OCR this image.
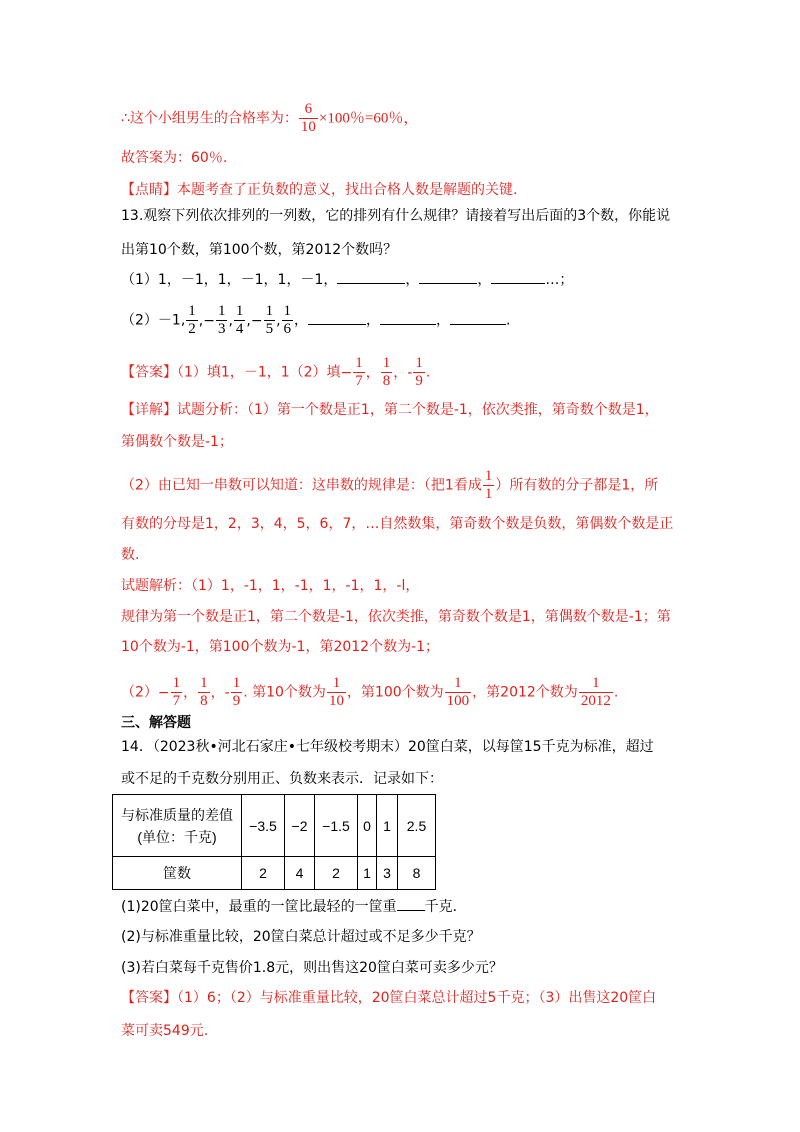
∴这个小组男生的合格率为： $\frac{6}{10} \times 100$％=60％，
故答案为：60％.
【点睛】本题考查了正负数的意义，找出合格人数是解题的关键.
13.观察下列依次排列的一列数，它的排列有什么规律？请接着写出后面的3个数，你能说
出第10个数，第100个数，第2012个数吗？
（1）1，－1，1，－1，1，－1，	，	，	…；
（2）－1, $\frac{1}{2}$ ,− $\frac{1}{3}$ , $\frac{1}{4}$ ,− $\frac{1}{5}$ , $\frac{1}{6}$ ，	，	，	.
【答案】（1）填1，－1，1（2）填− $\frac{1}{7}$ ， $\frac{1}{8}$ ，- $\frac{1}{9}$ .
【详解】试题分析：（1）第一个数是正1，第二个数是-1，依次类推，第奇数个数是1，
第偶数个数是-1；
（2）由已知一串数可以知道：这串数的规律是：（把1看成 $\frac{1}{1}$ ）所有数的分子都是1，所
有数的分母是1，2，3，4，5，6，7，…自然数集，第奇数个数是负数，第偶数个数是正
数.
试题解析：（1）1，-1，1，-1，1，-1，1，-l，
规律为第一个数是正1，第二个数是-1，依次类推，第奇数个数是1，第偶数个数是-1；第
10个数为-1，第100个数为-1，第2012个数为-1；
$(2)- \frac{1}{7}$ ， $\frac{1}{8}$ ，- $\frac{1}{9}$ . 第10个数为 $\frac{1}{10}$ ，第100个数为 $\frac{1}{100}$ ，第2012个数为 $\frac{1}{2012}$ .
三、解答题
14．（2023秋•河北石家庄•七年级校考期末）20筐白菜，以每筐15千克为标准，超过
或不足的千克数分别用正、负数来表示．记录如下：
与标准质量的差值
(单位：千克)	−3.5	−2	−1.5	0	1	2.5
筐数	2	4	2	1	3	8
(1)20筐白菜中，最重的一筐比最轻的一筐重 千克．
(2)与标准重量比较，20筐白菜总计超过或不足多少千克？
(3)若白菜每千克售价1.8元，则出售这20筐白菜可卖多少元？
【答案】（1）6；（2）与标准重量比较，20筐白菜总计超过5千克；（3）出售这20筐白
菜可卖549元.
